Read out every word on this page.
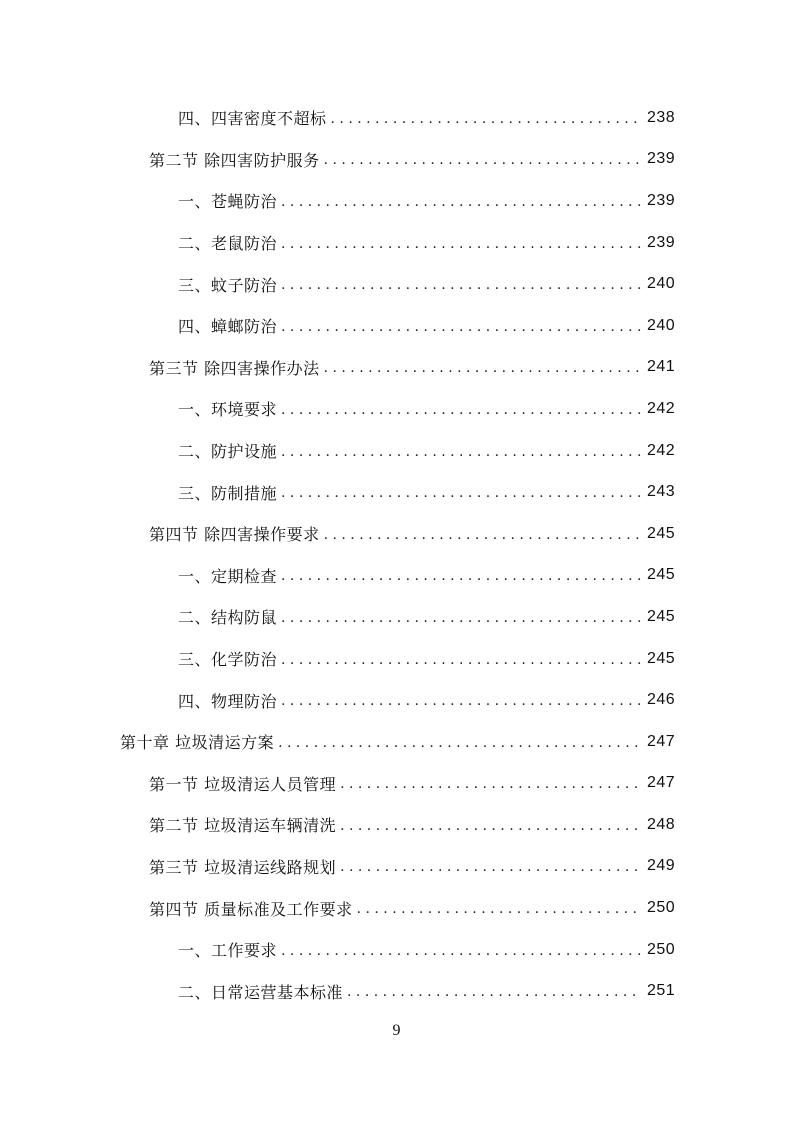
四、四害密度不超标 . . .	238
第二节 除四害防护服务 . . .	239
一、苍蝇防治 . . .	239
二、老鼠防治 . . .	239
三、蚊子防治 . . .	240
四、蟑螂防治 . . .	240
第三节 除四害操作办法 . . .	241
一、环境要求 . . .	242
二、防护设施 . . .	242
三、防制措施 . . .	243
第四节 除四害操作要求 . . .	245
一、定期检查 . . .	245
二、结构防鼠 . . .	245
三、化学防治 . . .	245
四、物理防治 . . .	246
第十章 垃圾清运方案 . . .	247
第一节 垃圾清运人员管理 . . .	247
第二节 垃圾清运车辆清洗 . . .	248
第三节 垃圾清运线路规划 . . .	249
第四节 质量标准及工作要求 . . .	250
一、工作要求 . . .	250
二、日常运营基本标准 . . .	251
9
